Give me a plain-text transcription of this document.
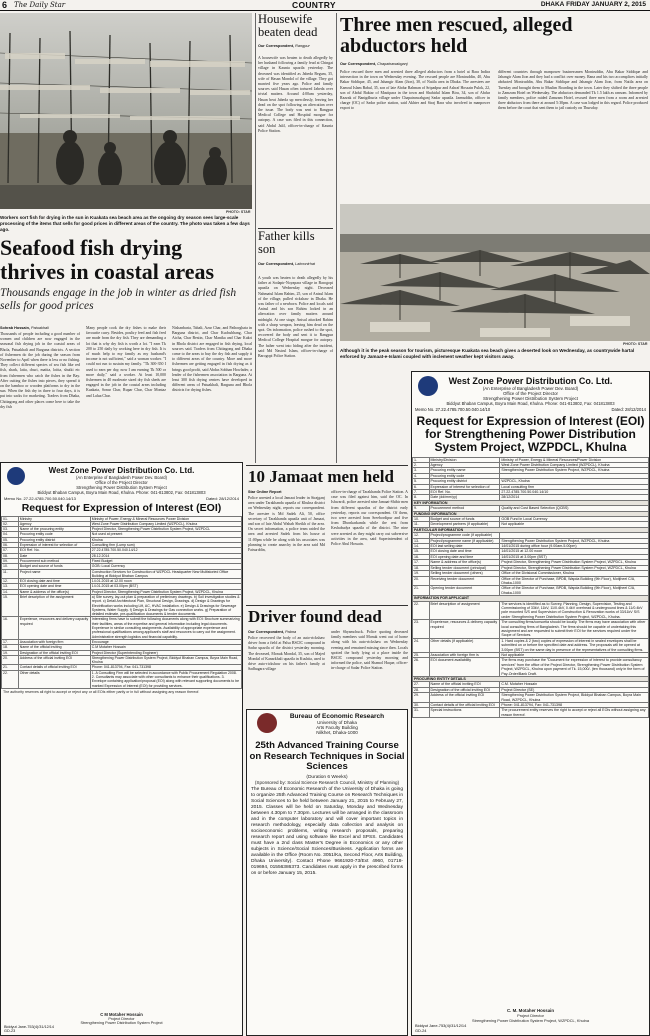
6 The Daily Star	COUNTRY	DHAKA FRIDAY JANUARY 2, 2015
PHOTO: STAR
Workers sort fish for drying in the sun in Kuakata sea beach area as the ongoing dry season sees large-scale processing of the items that sells for good prices in different areas of the country. The photo was taken a few days ago.
Seafood fish drying thrives in coastal areas
Thousands engage in the job in winter as dried fish sells for good prices
Sohrab Hossain, Patuakhali
Thousands of people including a good number of women and children are now engaged in the seasonal fish drying job in the coastal areas of Bhola, Patuakhali and Barguna districts. A section of fishermen do the job during the season from November to April when there is less or no fishing. They collect different species of sea fish like red fish, shark, latia, churi, maitta, loitta, shutki etc from fishermen who catch the fishes in the Bay. After cutting the fishes into pieces, they spread it on the bamboo or wooden platforms to dry in the sun. When the fish dry in three to four days, it is put into sacks for marketing. Traders from Dhaka, Chittagong and other places come here to take the dry fish
Many people cook the dry fishes to make their favourite curry. Besides, poultry feed and fish feed are made from the dry fish. They are demanding a lot that is why dry fish is worth a lot. "I earn Tk 200 to 250 daily by working here in dry fish. It is of much help to my family as my husband's income is not sufficient," said a woman worker. "I could not run to sustain my family. "Tk 300-350 I used to earn per day, now I am earning Tk 500 or more daily," said a worker. At least 10,000 fishermen in 40 moderate sized dry fish sheds are engaged in the job in the coastal areas including Kuakata, Sonar Char, Rupar Char, Char Montaz and Lalua Char.
Nishanbaria, Tabali, Azar Char, and Pathorghata in Barguna district, and Char Kuchubhang, Char Aicha, Char Bestin, Char Manika and Char Kukri in Bhola district are engaged in fish drying, local sources said. Traders from Chittagong and Dhaka come to the areas to buy the dry fish and supply it to different areas of the country. More and more fishermen are getting engaged in fish drying as it brings good profit, said Abdus Sobhan Howlader, a leader of the fishermen association in Barguna. At least 300 fish drying centres have developed in different areas of Patuakhali, Barguna and Bhola districts for drying fishes.
Housewife beaten dead
Our Correspondent, Rangpur
A housewife was beaten to death allegedly by her husband following a family feud at Chingai village in Kaunia upazila yesterday. The deceased was identified as Jabeda Begum, 35, wife of Hasan Mondol of the village. They got married five years ago. Police and family sources said Hasan often tortured Jabeda over trivial matters. Around 4:00am yesterday, Hasan beat Jabeda up mercilessly, leaving her dead on the spot following an altercation over the issue. The body was sent to Rangpur Medical College and Hospital morgue for autopsy. A case was filed in this connection, said Abdul Jalil, officer-in-charge of Kaunia Police Station.
Father kills son
Our Correspondent, Lalmonirhat
A youth was beaten to death allegedly by his father at Sodapir-Noyapara village in Barogopi upazila on Wednesday night. Deceased Nahmatul Islam Rahim, 25, son of Anisul Islam of the village, pulled rickshaw in Dhaka. He was father of a newborn. Police and locals said Anisul and his son Rahim locked in an altercation over family matters around midnight. At one stage, Anisul attacked Rahim with a sharp weapon, leaving him dead on the spot. On information, police rushed to the spot, recovered the body and sent it to Rangpur Medical College Hospital morgue for autopsy. The father went into hiding after the incident, said Md Nasirul Islam, officer-in-charge of Barogopi Police Station.
Three men rescued, alleged abductors held
Our Correspondent, Chapainawabganj
Police rescued three men and arrested three alleged abductors from a hotel at Bara Indira intersection in the town on Wednesday evening. The rescued people are Moniruddin, 40, Abu Bakar Siddique, 45, and Jahangir Alam (Jion), 30, of Natila area in Dhaka. The arrestees are Kamrul Islam Babul, 35, son of late Abdur Rahman of Sripadpur and Ashraf Hossain Pulok, 22, son of Abdul Baktar of Mastipara in the town and Shahidul Islam Biru, 34, son of Abdur Razzak of Banigdhuria village under Chapainawabganj Sadar upazila. Jarmuddin, officer in charge (OC) of Sadar police station, said Akhter and Siraj Bara who involved in manpower export to
different countries through manpower businessmen Moniruddin, Abu Bakar Siddique and Jahangir Alam Jion and they had a conflict over money. Rana and his two accomplices initially abducted Moniruddin, Abu Bakar Siddique and Jahangir Alam Jion, from Natila area on Tuesday and brought them to Muslim Boarding in the town. Later they shifted the three people to Zamzam Hotel on Wednesday. The abductors demanded Tk 1.5 lakh as ransom. Informed by family members, police raided Zamzam Hotel, rescued three men from a room and arrested three abductors from there at around 5:30pm. A case was lodged in this regard. Police produced them before the court that sent them to jail custody on Thursday.
PHOTO: STAR
Although it is the peak season for tourism, picturesque Kuakata sea beach gives a deserted look on Wednesday, as countrywide hartal enforced by Jamaat-e-Islami coupled with inclement weather kept visitors away.
10 Jamaat men held
Star Online Report
Police arrested a local Jamaat leader in Sirajganj area under Tarakhanda upazila of Khulna district on Wednesday night, reports our correspondent. The arrestee is Md Sadek Ali, 50, office secretary of Tarakhanda upazila unit of Jamaat, and son of late Abdul Wahab Sheikh of the area. On secret information, a police team raided the area and arrested Sadek from his house at 11:00pm while he along with his associates was planning to create anarchy in the area said Md Faisurddin,
officer-in-charge of Tarakhanda Police Station. A case was filed against him, said the OC. In Ishwardi, police arrested nine Jamaat-Shibir men from different upazilas of the district early yesterday, reports our correspondent. Of them, two were arrested from Sreebordipur and five from Dhonkarkanda while the rest from Keshabudya upazila of the district. The nine were arrested as they might carry out subversive activities in the area, said Superintendent of Police Abul Hossain.
Driver found dead
Our Correspondent, Pabna
Police recovered the body of an auto-rickshaw driver from a field at Palsa BSCIC compound in Sadar upazila of the district yesterday morning. The deceased, Monuk Mondal, 35, son of Majed Mondal of Kanarkhali upazila in Kushtia, used to drive auto-rickshaw on his father's family at Sadhugara village
under Shyamchuck. Police quoting deceased family members said Monuk went out of home along with his auto-rickshaw on Wednesday evening and remained missing since then. Locals spotted the body lying at a place inside the BSCIC compound yesterday morning and informed the police, said Shamol Haque, officer-in-charge of Sadar Police Station.
West Zone Power Distribution Co. Ltd.
(An Enterprise of Bangladesh Power Dev. Board)
Office of the Project Director
Strengthening Power Distribution System Project
Biddyut Bhaban Campus, Boyra Main Road, Khulna. Phone: 041-813802, Fax: 041813803
Memo No. 27.22.4785.700.50.040.14/13	Dated: 28/12/2014
Request for Expression of Interest (EOI)
01.	Ministry	Ministry of Power, Energy & Mineral Resources Power Division
02.	Agency	West Zone Power Distribution Company Limited (WZPDCL), Khulna
03.	Name of the procuring entity	Project Director, Strengthening Power Distribution System Project, WZPDCL
04.	Procuring entity code	Not used at present
05.	Procuring entity district	Khulna
06.	Expression of interest for selection of	Consulting firm (Lump sum)
07.	EOI Ref. No.	27.22.4785.700.50.040.14/12
08.	Date	28.12.2014
09.	Procurement sub method	Fixed Budget
10.	Budget and source of funds	GOB: Local Currency
11.	Project name	Construction Services for Construction of WZPDCL Headquarter New Multistoried Office Building at Biddyut Bhaban Campus
12.	EOI closing date and time	14.01.2015 at 12.00 noon
13.	EOI opening date and time	14.01.2015 at 03.00pm (BST)
14.	Name & address of the office(s)	Project Director, Strengthening Power Distribution System Project, WZPDCL, Khulna
15.	Brief description of the assignment	a) Site survey, lay-out plan & preparation of preliminary drawings. b) Soil investigation studies & report. c) Detail Architectural Plan, Structural Design, Drawings. d) Design & Drawings for Electrification works including Lift, AC, HVAC installation. e) Design & Drawings for Sewerage Systems, Water Supply. f) Design & Drawings for Gas connection works. g) Preparation of detailed estimate, pre-qualification documents & tender documents.
16.	Experience, resources and delivery capacity required	Interesting firms have to submit the following documents along with EOI: Brochure summarizing their facilities, areas of the expertise and general information including legal documents. Experience in similar consulting assignments. Availability of appropriate experience and professional qualifications among applicant's staff and resources to carry out the assignment. Administrative strength logistics and financial capability.
17.	Association with foreign firm	Encourage
18.	Name of the official inviting	C.M Motaher Hossain
19.	Designation of the official inviting EOI	Project Director (Superintending Engineer)
20.	Address of the official inviting EOI	Strengthening Power Distribution System Project, Biddyut Bhaban Campus, Boyra Main Road, Khulna
21.	Contact details of official inviting EOI	Phone: 041-813794, Fax: 041-731398
22.	Other details	1. A Consulting Firm will be selected in accordance with Public Procurement Regulation 2008. 2. Consultants may associate with other consultants to enhance their qualifications. 3. Envelope containing application/proposal (EOI) along with relevant supporting documents to be marked Expression of Interest (EOI) for providing services.
The authority reserves all right to accept or reject any or all EOIs either partly or in full without assigning any reason thereof.
C M Motaher Hossain
Project Director
Strengthening Power Distribution System Project
Biddyut Jane-753(4)/31/12/14
GD-23
Bureau of Economic Research
University of Dhaka
Arts Faculty Building
Nilkhet, Dhaka-1000
25th Advanced Training Course on Research Techniques in Social Sciences
(Duration 6 Weeks)
(Sponsored by: Social Science Research Council, Ministry of Planning)
The Bureau of Economic Research of the University of Dhaka is going to organize 25th Advanced Training Course on Research Techniques in Social Sciences to be held between January 21, 2015 to February 27, 2015. Classes will be held on Saturday, Monday and Wednesday between 4.30pm to 7.30pm. Lectures will be arranged in the classroom and in the computer laboratory and will cover important topics in research methodology, especially data collection and analysis on socioeconomic problems, writing research proposals, preparing research report and using software like Excel and SPSS. Candidates must have a 2nd class Master's Degree in Economics or any other subjects in Science/Social Sciences/Business. Application forms are available in the Office (Room No. 3051/Ka, Second Floor, Arts Building, Dhaka University). Contact Phone 9661920-73/Ext 4960, 01718-019694, 01556386373. Candidates must apply in the prescribed forms on or before January 15, 2015.
West Zone Power Distribution Co. Ltd.
(An Enterprise of Bangladesh Power Dev. Board)
Office of the Project Director
Strengthening Power Distribution System Project
Biddyut Bhaban Campus, Boyra Main Road, Khulna. Phone: 041-813802, Fax: 041813803
Memo No. 27.22.4785.700.50.040.14/10	Dated: 28/12/2014
Request for Expression of Interest (EOI) for Strengthening Power Distribution System Project, WZPDCL, Khulna
1.	Ministry/Division	Ministry of Power, Energy & Mineral Resources/Power Division
2.	Agency	West Zone Power Distribution Company Limited (WZPDCL), Khulna
3.	Procuring entity name	Strengthening Power Distribution System Project, WZPDCL, Khulna
4.	Procuring entity code	
5.	Procuring entity district	WZPDCL, Khulna
6.	Expression of interest for selection of	Local consulting firm
7.	EOI Ref. No.	27.22.4785.700.50.040.14/10
8.	Date (dd/mm/yy)	28/12/2014
KEY INFORMATION		
9.	Procurement method	Quality and Cost Based Selection (QCBS)
FUNDING INFORMATION		
10.	Budget and source of funds	GOB Fund in Local Currency
11.	Development partners (if applicable)	Not applicable
PARTICULAR INFORMATION		
12.	Project/programme code (if applicable)	
13.	Project/programme name (if applicable)	Strengthening Power Distribution System Project, WZPDCL, Khulna
14.	EOI last selling date	14/01/2015 during office hour (9.00am-5.00pm)
15.	EOI closing date and time	14/01/2015 at 12.00 noon
16.	EOI opening date and time	14/01/2015 at 3.00pm (BST)
17.	Name & address of the office(s)	Project Director, Strengthening Power Distribution System Project, WZPDCL, Khulna
18.	Selling tender document (principal)	Project Director, Strengthening Power Distribution System Project, WZPDCL, Khulna
19.	Selling tender document (others)	Office of the Divisional Commissioner, Khulna
20.	Receiving tender document	Office of the Director of Purchase, BPDB, Wapda Building (9th Floor), Motijheel C/A, Dhaka-1000
21.	Opening tender document	Office of the Director of Purchase, BPDB, Wapda Building (9th Floor), Motijheel C/A, Dhaka-1000
INFORMATION FOR APPLICANT		
22.	Brief description of assignment	The services is identified as to Survey, Planning, Design, Supervision, Testing and Commissioning of 33kV, 11kV, 11/0.4kV, 0.4kV overhead & underground lines & 11/0.4kV pole mounted S/S and Supervision of Construction & Renovation works of 33/11kV S/S under Strengthening Power Distribution System Project, WZPDCL, Khulna.
23.	Experience, resources & delivery capacity required	The consulting firms/consortia should be locally. The firms may have association with other local consulting firms of Bangladesh. The firms should be capable of undertaking this assignment and are requested to submit their EOI for the services required under the Scope of Services.
24.	Other details (if applicable)	1. Hard copies & 2 (two) copies of expression of interest in sealed envelopes shall be submitted on or before the specified date and address. The proposals will be opened at 3.00pm (BST) on the same day in presence of the representatives of the consulting firms.
25.	Association with foreign firm is	Not applicable
26.	EOI document availability	The firms may purchase the "Document for expression of interest to provide consultancy services" from the office of the Project Director, Strengthening Power Distribution System Project, WZPDCL, Khulna upon payment of Tk. 15,000/- (ten thousand) only in the form of Pay-Order/Bank Draft.
PROCURING ENTITY DETAILS		
27.	Name of the official inviting EOI	C.M. Motaher Hossain
28.	Designation of the official inviting EOI	Project Director (SE)
29.	Address of the official inviting EOI	Strengthening Power Distribution System Project, Biddyut Bhaban Campus, Boyra Main Road, WZPDCL, Khulna
30.	Contact details of the official inviting EOI	Phone: 041-813794, Fax: 041-731398
31.	Special instructions	The procurement entity reserves the right to accept or reject all EOIs without assigning any reason thereof.
C. M. Motaher Hossain
Project Director
Strengthening Power Distribution System Project, WZPDCL, Khulna
Biddyut Jane-753(4)/31/12/14
GD-24
